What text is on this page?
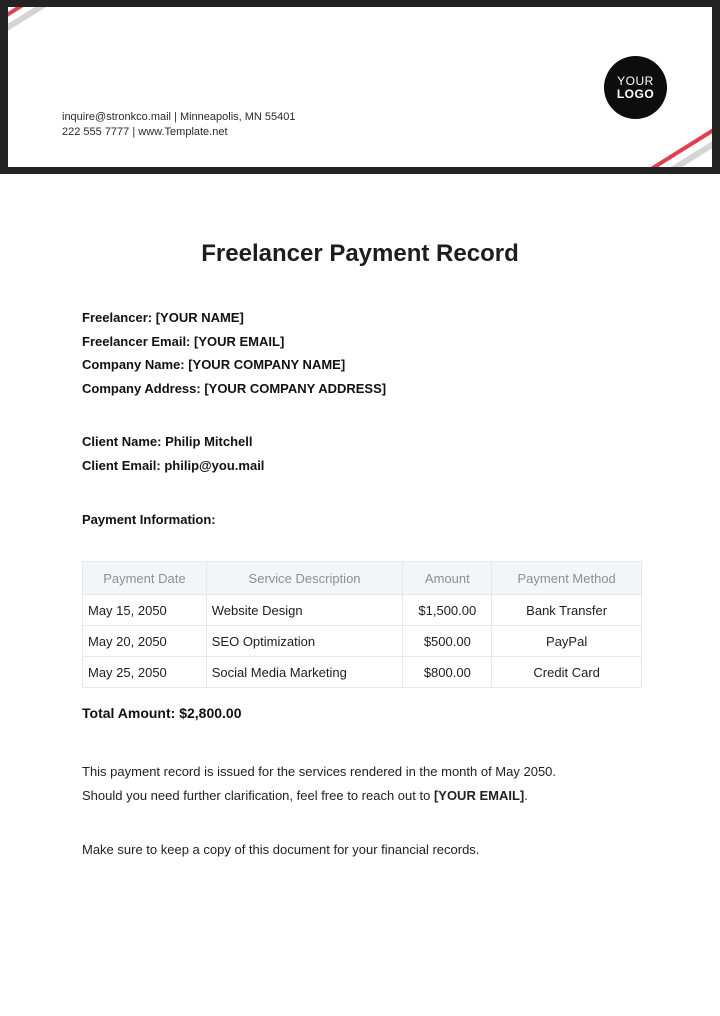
inquire@stronkco.mail | Minneapolis, MN 55401
222 555 7777 | www.Template.net
YOUR
LOGO
Freelancer Payment Record
Freelancer: [YOUR NAME]
Freelancer Email: [YOUR EMAIL]
Company Name: [YOUR COMPANY NAME]
Company Address: [YOUR COMPANY ADDRESS]
Client Name: Philip Mitchell
Client Email: philip@you.mail
Payment Information:
Payment Date	Service Description	Amount	Payment Method
May 15, 2050	Website Design	$1,500.00	Bank Transfer
May 20, 2050	SEO Optimization	$500.00	PayPal
May 25, 2050	Social Media Marketing	$800.00	Credit Card
Total Amount: $2,800.00
This payment record is issued for the services rendered in the month of May 2050.
Should you need further clarification, feel free to reach out to [YOUR EMAIL].
Make sure to keep a copy of this document for your financial records.
